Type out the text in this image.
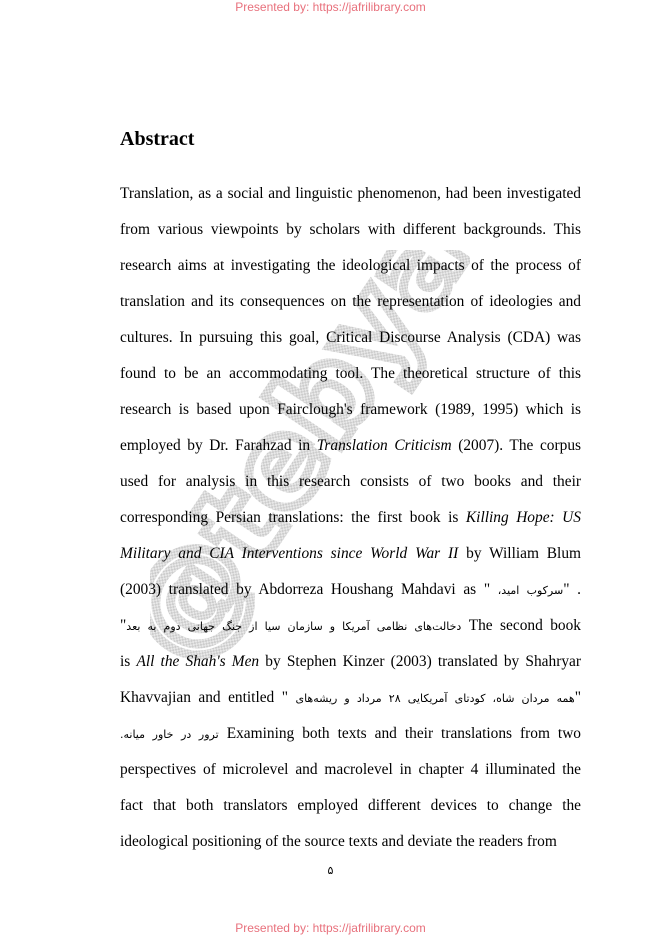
Presented by: https://jafrilibrary.com
@tebyan
Abstract
Translation, as a social and linguistic phenomenon, had been investigated
from various viewpoints by scholars with different backgrounds. This
research aims at investigating the ideological impacts of the process of
translation and its consequences on the representation of ideologies and
cultures. In pursuing this goal, Critical Discourse Analysis (CDA) was
found to be an accommodating tool. The theoretical structure of this
research is based upon Fairclough's framework (1989, 1995) which is
employed by Dr. Farahzad in Translation Criticism (2007). The corpus
used for analysis in this research consists of two books and their
corresponding Persian translations: the first book is Killing Hope: US
Military and CIA Interventions since World War II by William Blum
(2003) translated by Abdorreza Houshang Mahdavi as " سرکوب امید،" .
"دخالت‌های نظامی آمریکا و سازمان سیا از جنگ جهانی دوم به بعد The second book
is All the Shah's Men by Stephen Kinzer (2003) translated by Shahryar
Khavvajian and entitled " همه مردان شاه، کودتای آمریکایی ۲۸ مرداد و ریشه‌های"
ترور در خاور میانه. Examining both texts and their translations from two
perspectives of microlevel and macrolevel in chapter 4 illuminated the
fact that both translators employed different devices to change the
ideological positioning of the source texts and deviate the readers from
۵
Presented by: https://jafrilibrary.com
